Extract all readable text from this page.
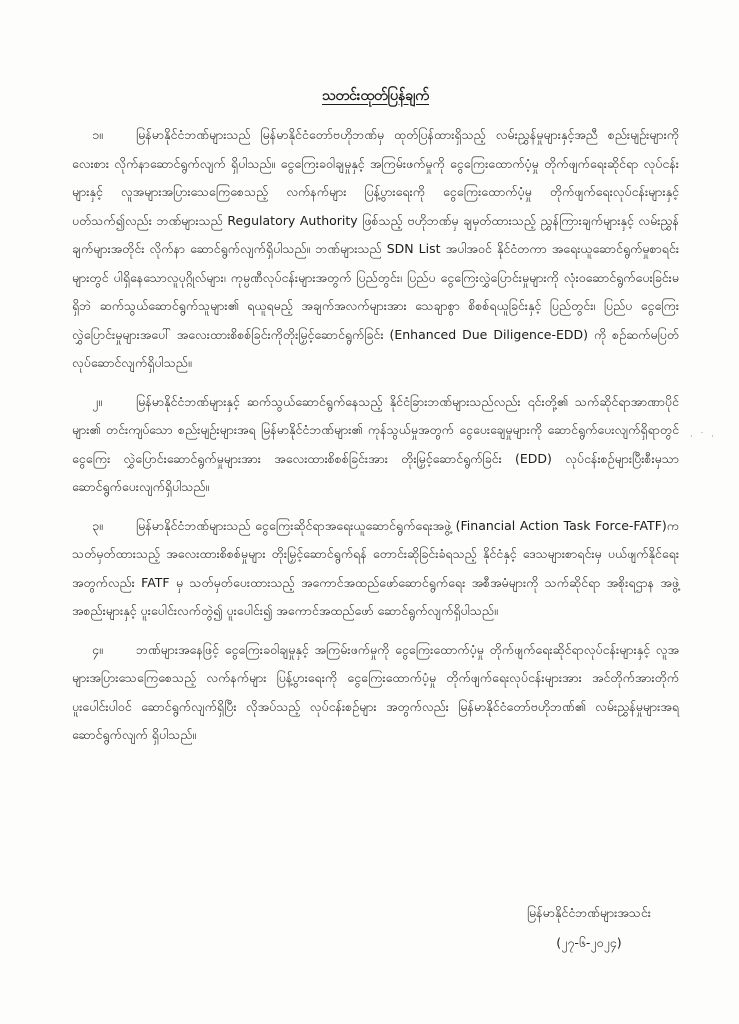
သတင်းထုတ်ပြန်ချက်
၁။	မြန်မာနိုင်ငံဘဏ်များသည် မြန်မာနိုင်ငံတော်ဗဟိုဘဏ်မှ ထုတ်ပြန်ထားရှိသည့် လမ်းညွှန်မှုများနှင့်အညီ စည်းမျဉ်းများကို လေးစား လိုက်နာဆောင်ရွက်လျက် ရှိပါသည်။ ငွေကြေးခဝါချမှုနှင့် အကြမ်းဖက်မှုကို ငွေကြေးထောက်ပံ့မှု တိုက်ဖျက်ရေးဆိုင်ရာ လုပ်ငန်းများနှင့် လူအများအပြားသေကြေစေသည့် လက်နက်များ ပြန့်ပွားရေးကို ငွေကြေးထောက်ပံ့မှု တိုက်ဖျက်ရေးလုပ်ငန်းများနှင့်ပတ်သက်၍လည်း ဘဏ်များသည် Regulatory Authority ဖြစ်သည့် ဗဟိုဘဏ်မှ ချမှတ်ထားသည့် ညွှန်ကြားချက်များနှင့် လမ်းညွှန်ချက်များအတိုင်း လိုက်နာ ဆောင်ရွက်လျက်ရှိပါသည်။ ဘဏ်များသည် SDN List အပါအဝင် နိုင်ငံတကာ အရေးယူဆောင်ရွက်မှုစာရင်းများတွင် ပါရှိနေသောလူပုဂ္ဂိုလ်များ၊ ကုမ္ပဏီလုပ်ငန်းများအတွက် ပြည်တွင်း၊ ပြည်ပ ငွေကြေးလွှဲပြောင်းမှုများကို လုံးဝဆောင်ရွက်ပေးခြင်းမရှိဘဲ ဆက်သွယ်ဆောင်ရွက်သူများ၏ ရယူရမည့် အချက်အလက်များအား သေချာစွာ စိစစ်ရယူခြင်းနှင့် ပြည်တွင်း၊ ပြည်ပ ငွေကြေးလွှဲပြောင်းမှုများအပေါ် အလေးထားစိစစ်ခြင်းကိုတိုးမြှင့်ဆောင်ရွက်ခြင်း (Enhanced Due Diligence-EDD) ကို စဉ်ဆက်မပြတ် လုပ်ဆောင်လျက်ရှိပါသည်။
၂။	မြန်မာနိုင်ငံဘဏ်များနှင့် ဆက်သွယ်ဆောင်ရွက်နေသည့် နိုင်ငံခြားဘဏ်များသည်လည်း ၎င်းတို့၏ သက်ဆိုင်ရာအာဏာပိုင်များ၏ တင်းကျပ်သော စည်းမျဉ်းများအရ မြန်မာနိုင်ငံဘဏ်များ၏ ကုန်သွယ်မှုအတွက် ငွေပေးချေမှုများကို ဆောင်ရွက်ပေးလျက်ရှိရာတွင် ငွေကြေး လွှဲပြောင်းဆောင်ရွက်မှုများအား အလေးထားစိစစ်ခြင်းအား တိုးမြှင့်ဆောင်ရွက်ခြင်း (EDD) လုပ်ငန်းစဉ်များပြီးစီးမှသာ ဆောင်ရွက်ပေးလျက်ရှိပါသည်။
၃။	မြန်မာနိုင်ငံဘဏ်များသည် ငွေကြေးဆိုင်ရာအရေးယူဆောင်ရွက်ရေးအဖွဲ့ (Financial Action Task Force-FATF)က သတ်မှတ်ထားသည့် အလေးထားစိစစ်မှုများ တိုးမြှင့်ဆောင်ရွက်ရန် တောင်းဆိုခြင်းခံရသည့် နိုင်ငံနှင့် ဒေသများစာရင်းမှ ပယ်ဖျက်နိုင်ရေး အတွက်လည်း FATF မှ သတ်မှတ်ပေးထားသည့် အကောင်အထည်ဖော်ဆောင်ရွက်ရေး အစီအမံများကို သက်ဆိုင်ရာ အစိုးရဌာန အဖွဲ့အစည်းများနှင့် ပူးပေါင်းလက်တွဲ၍ ပူးပေါင်း၍ အကောင်အထည်ဖော် ဆောင်ရွက်လျက်ရှိပါသည်။
၄။	ဘဏ်များအနေဖြင့် ငွေကြေးခဝါချမှုနှင့် အကြမ်းဖက်မှုကို ငွေကြေးထောက်ပံ့မှု တိုက်ဖျက်ရေးဆိုင်ရာလုပ်ငန်းများနှင့် လူအများအပြားသေကြေစေသည့် လက်နက်များ ပြန့်ပွားရေးကို ငွေကြေးထောက်ပံ့မှု တိုက်ဖျက်ရေးလုပ်ငန်းများအား အင်တိုက်အားတိုက် ပူးပေါင်းပါဝင် ဆောင်ရွက်လျက်ရှိပြီး လိုအပ်သည့် လုပ်ငန်းစဉ်များ အတွက်လည်း မြန်မာနိုင်ငံတော်ဗဟိုဘဏ်၏ လမ်းညွှန်မှုများအရ ဆောင်ရွက်လျက် ရှိပါသည်။
မြန်မာနိုင်ငံဘဏ်များအသင်း
(၂၇-၆-၂၀၂၄)
· ˙ ·
